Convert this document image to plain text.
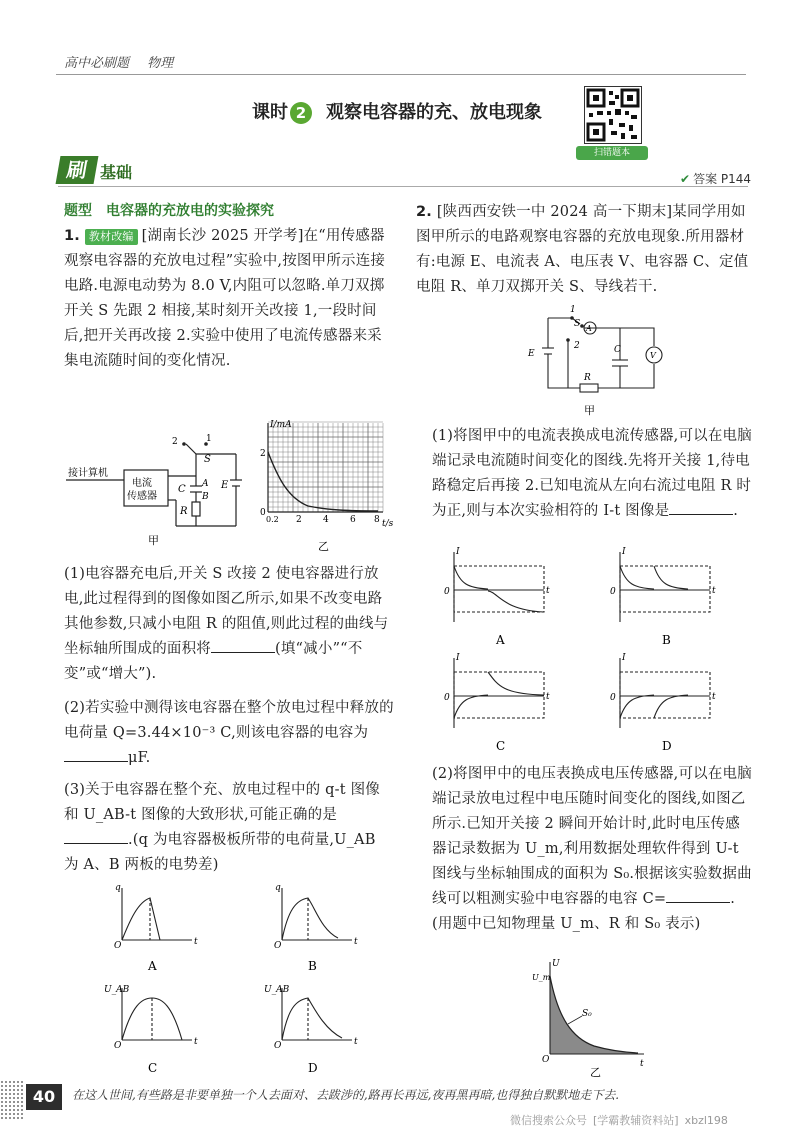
高中必刷题 物理
课时 2 观察电容器的充、放电现象
扫错题本
刷 基础	✔ 答案 P144
题型 电容器的充放电的实验探究
1. 教材改编 [湖南长沙 2025 开学考]在“用传感器观察电容器的充放电过程”实验中,按图甲所示连接电路.电源电动势为 8.0 V,内阻可以忽略.单刀双掷开关 S 先跟 2 相接,某时刻开关改接 1,一段时间后,把开关再改接 2.实验中使用了电流传感器来采集电流随时间的变化情况.
2	1
S
C A
B
R
E
接计算机
电流
传感器
甲
I/mA
t/s
0
2
0.2 2 4 6 8
乙
(1)电容器充电后,开关 S 改接 2 使电容器进行放电,此过程得到的图像如图乙所示,如果不改变电路其他参数,只减小电阻 R 的阻值,则此过程的曲线与坐标轴所围成的面积将	(填“减小”“不变”或“增大”).
(2)若实验中测得该电容器在整个放电过程中释放的电荷量 Q=3.44×10⁻³ C,则该电容器的电容为μF.
(3)关于电容器在整个充、放电过程中的 q-t 图像和 U_AB-t 图像的大致形状,可能正确的是.(q 为电容器极板所带的电荷量,U_AB 为 A、B 两板的电势差)
q
t
O
q
t
O
U_AB
t
O
U_AB
t
O
A	B
C	D
2. [陕西西安铁一中 2024 高一下期末]某同学用如图甲所示的电路观察电容器的充放电现象.所用器材有:电源 E、电流表 A、电压表 V、电容器 C、定值电阻 R、单刀双掷开关 S、导线若干.
1
2
S
E	C
R
A
V
甲
(1)将图甲中的电流表换成电流传感器,可以在电脑端记录电流随时间变化的图线.先将开关接 1,待电路稳定后再接 2.已知电流从左向右流过电阻 R 时为正,则与本次实验相符的 I-t 图像是	.
I
t
0
I
t
0
I
t
0
I
t
0
A	B
C	D
(2)将图甲中的电压表换成电压传感器,可以在电脑端记录放电过程中电压随时间变化的图线,如图乙所示.已知开关接 2 瞬间开始计时,此时电压传感器记录数据为 U_m,利用数据处理软件得到 U-t 图线与坐标轴围成的面积为 S₀.根据该实验数据曲线可以粗测实验中电容器的电容 C=	.(用题中已知物理量 U_m、R 和 S₀ 表示)
U
U_m
S₀
O	t
乙
40	在这人世间,有些路是非要单独一个人去面对、去跋涉的,路再长再远,夜再黑再暗,也得独自默默地走下去.
微信搜索公众号 [学霸教辅资料站] xbzl198
